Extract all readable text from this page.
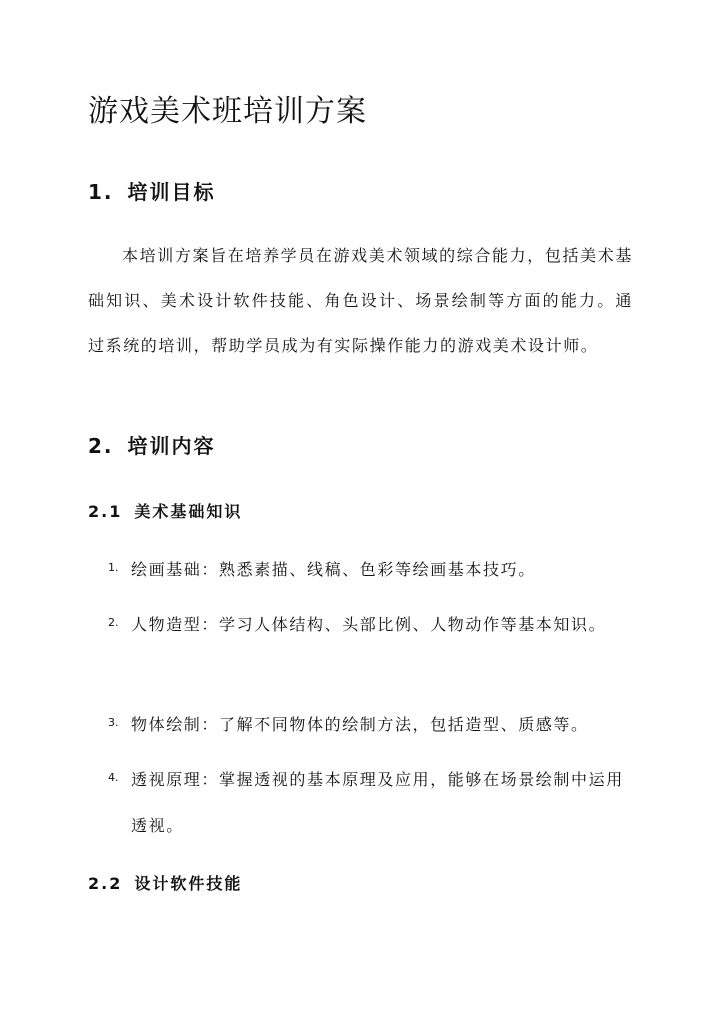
游戏美术班培训方案
1. 培训目标

本培训方案旨在培养学员在游戏美术领域的综合能力，包括美术基础知识、美术设计软件技能、角色设计、场景绘制等方面的能力。通过系统的培训，帮助学员成为有实际操作能力的游戏美术设计师。

2. 培训内容
2.1 美术基础知识
1. 绘画基础：熟悉素描、线稿、色彩等绘画基本技巧。

2. 人物造型：学习人体结构、头部比例、人物动作等基本知识。

3. 物体绘制：了解不同物体的绘制方法，包括造型、质感等。

4. 透视原理：掌握透视的基本原理及应用，能够在场景绘制中运用透视。

2.2 设计软件技能
